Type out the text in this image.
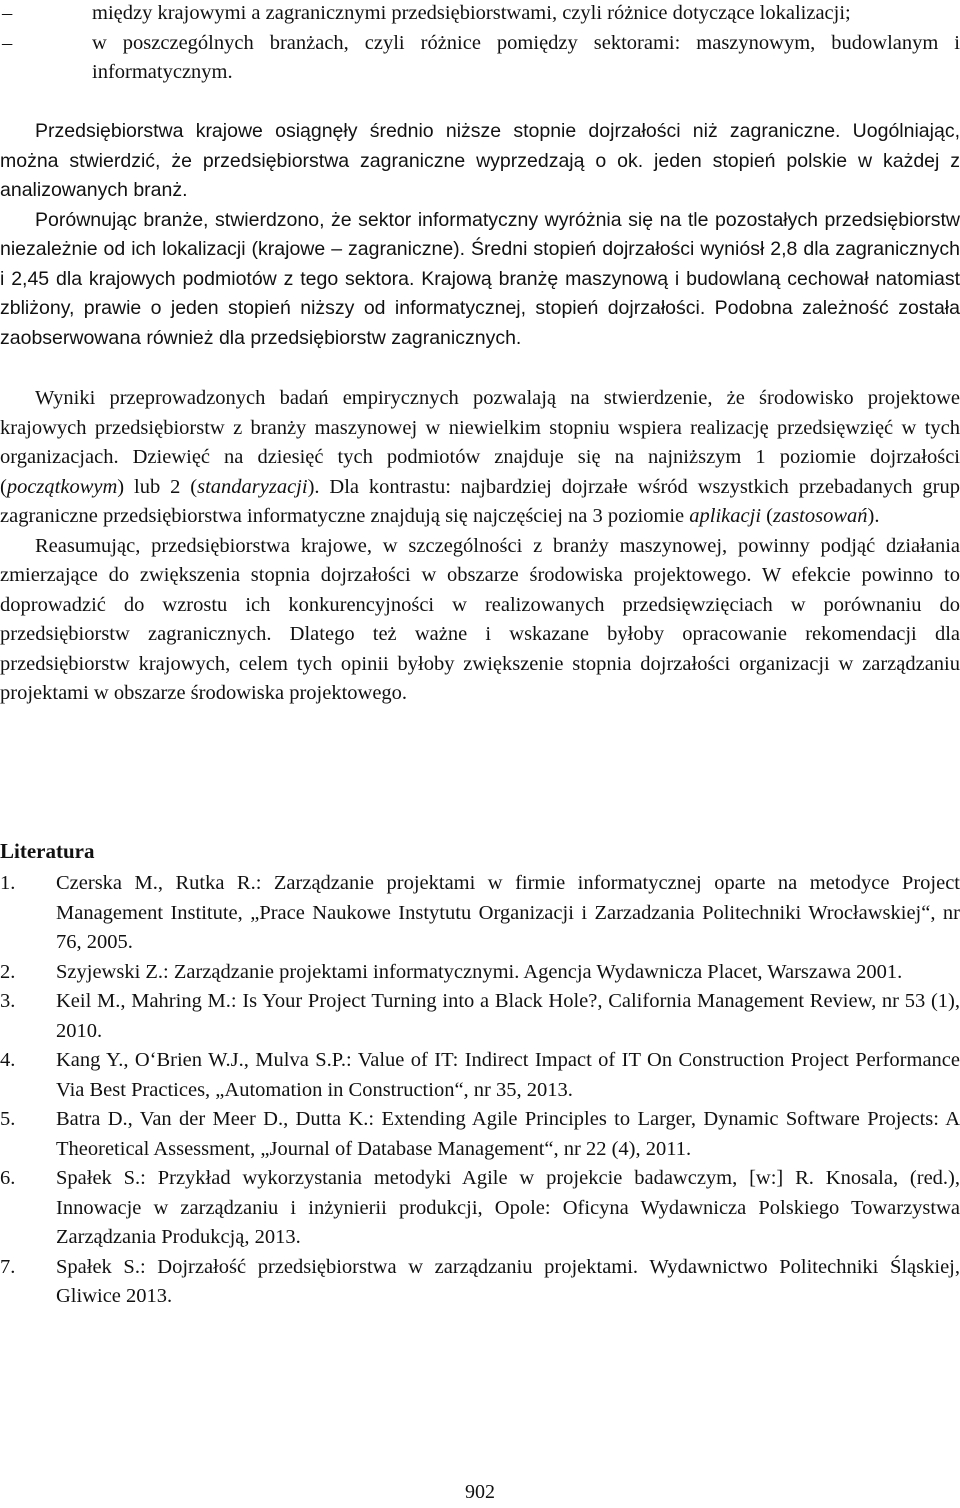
–	między krajowymi a zagranicznymi przedsiębiorstwami, czyli różnice dotyczące lokalizacji;
–	w poszczególnych branżach, czyli różnice pomiędzy sektorami: maszynowym, budowlanym i informatycznym.

Przedsiębiorstwa krajowe osiągnęły średnio niższe stopnie dojrzałości niż zagraniczne. Uogólniając, można stwierdzić, że przedsiębiorstwa zagraniczne wyprzedzają o ok. jeden stopień polskie w każdej z analizowanych branż.

Porównując branże, stwierdzono, że sektor informatyczny wyróżnia się na tle pozostałych przedsiębiorstw niezależnie od ich lokalizacji (krajowe – zagraniczne). Średni stopień dojrzałości wyniósł 2,8 dla zagranicznych i 2,45 dla krajowych podmiotów z tego sektora. Krajową branżę maszynową i budowlaną cechował natomiast zbliżony, prawie o jeden stopień niższy od informatycznej, stopień dojrzałości. Podobna zależność została zaobserwowana również dla przedsiębiorstw zagranicznych.

Wyniki przeprowadzonych badań empirycznych pozwalają na stwierdzenie, że środowisko projektowe krajowych przedsiębiorstw z branży maszynowej w niewielkim stopniu wspiera realizację przedsięwzięć w tych organizacjach. Dziewięć na dziesięć tych podmiotów znajduje się na najniższym 1 poziomie dojrzałości (początkowym) lub 2 (standaryzacji). Dla kontrastu: najbardziej dojrzałe wśród wszystkich przebadanych grup zagraniczne przedsiębiorstwa informatyczne znajdują się najczęściej na 3 poziomie aplikacji (zastosowań).

Reasumując, przedsiębiorstwa krajowe, w szczególności z branży maszynowej, powinny podjąć działania zmierzające do zwiększenia stopnia dojrzałości w obszarze środowiska projektowego. W efekcie powinno to doprowadzić do wzrostu ich konkurencyjności w realizowanych przedsięwzięciach w porównaniu do przedsiębiorstw zagranicznych. Dlatego też ważne i wskazane byłoby opracowanie rekomendacji dla przedsiębiorstw krajowych, celem tych opinii byłoby zwiększenie stopnia dojrzałości organizacji w zarządzaniu projektami w obszarze środowiska projektowego.

Literatura
1. Czerska M., Rutka R.: Zarządzanie projektami w firmie informatycznej oparte na metodyce Project Management Institute, „Prace Naukowe Instytutu Organizacji i Zarzadzania Politechniki Wrocławskiej“, nr 76, 2005.
2. Szyjewski Z.: Zarządzanie projektami informatycznymi. Agencja Wydawnicza Placet, Warszawa 2001.
3. Keil M., Mahring M.: Is Your Project Turning into a Black Hole?, California Management Review, nr 53 (1), 2010.
4. Kang Y., O‘Brien W.J., Mulva S.P.: Value of IT: Indirect Impact of IT On Construction Project Performance Via Best Practices, „Automation in Construction“, nr 35, 2013.
5. Batra D., Van der Meer D., Dutta K.: Extending Agile Principles to Larger, Dynamic Software Projects: A Theoretical Assessment, „Journal of Database Management“, nr 22 (4), 2011.
6. Spałek S.: Przykład wykorzystania metodyki Agile w projekcie badawczym, [w:] R. Knosala, (red.), Innowacje w zarządzaniu i inżynierii produkcji, Opole: Oficyna Wydawnicza Polskiego Towarzystwa Zarządzania Produkcją, 2013.
7. Spałek S.: Dojrzałość przedsiębiorstwa w zarządzaniu projektami. Wydawnictwo Politechniki Śląskiej, Gliwice 2013.
902
